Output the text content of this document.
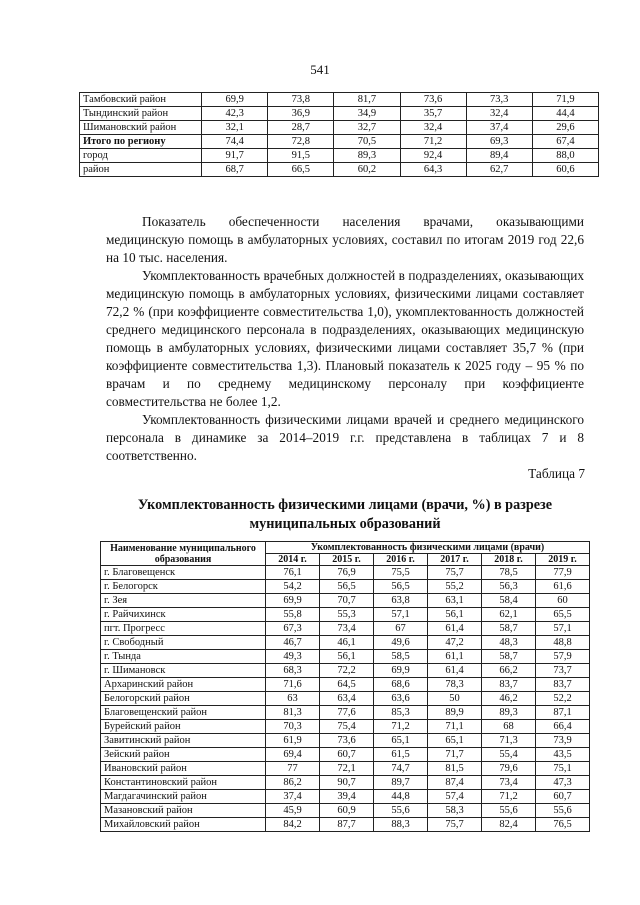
541
Тамбовский район	69,9	73,8	81,7	73,6	73,3	71,9
Тындинский район	42,3	36,9	34,9	35,7	32,4	44,4
Шимановский район	32,1	28,7	32,7	32,4	37,4	29,6
Итого по региону	74,4	72,8	70,5	71,2	69,3	67,4
город	91,7	91,5	89,3	92,4	89,4	88,0
район	68,7	66,5	60,2	64,3	62,7	60,6

Показатель обеспеченности населения врачами, оказывающими медицинскую помощь в амбулаторных условиях, составил по итогам 2019 год 22,6 на 10 тыс. населения.

Укомплектованность врачебных должностей в подразделениях, оказывающих медицинскую помощь в амбулаторных условиях, физическими лицами составляет 72,2 % (при коэффициенте совместительства 1,0), укомплектованность должностей среднего медицинского персонала в подразделениях, оказывающих медицинскую помощь в амбулаторных условиях, физическими лицами составляет 35,7 % (при коэффициенте совместительства 1,3). Плановый показатель к 2025 году – 95 % по врачам и по среднему медицинскому персоналу при коэффициенте совместительства не более 1,2.

Укомплектованность физическими лицами врачей и среднего медицинского персонала в динамике за 2014–2019 г.г. представлена в таблицах 7 и 8 соответственно.

Таблица 7
Укомплектованность физическими лицами (врачи, %) в разрезе муниципальных образований
Наименование муниципального образования	Укомплектованность физическими лицами (врачи)					
	2014 г.	2015 г.	2016 г.	2017 г.	2018 г.	2019 г.
г. Благовещенск	76,1	76,9	75,5	75,7	78,5	77,9
г. Белогорск	54,2	56,5	56,5	55,2	56,3	61,6
г. Зея	69,9	70,7	63,8	63,1	58,4	60
г. Райчихинск	55,8	55,3	57,1	56,1	62,1	65,5
пгт. Прогресс	67,3	73,4	67	61,4	58,7	57,1
г. Свободный	46,7	46,1	49,6	47,2	48,3	48,8
г. Тында	49,3	56,1	58,5	61,1	58,7	57,9
г. Шимановск	68,3	72,2	69,9	61,4	66,2	73,7
Архаринский район	71,6	64,5	68,6	78,3	83,7	83,7
Белогорский район	63	63,4	63,6	50	46,2	52,2
Благовещенский район	81,3	77,6	85,3	89,9	89,3	87,1
Бурейский район	70,3	75,4	71,2	71,1	68	66,4
Завитинский район	61,9	73,6	65,1	65,1	71,3	73,9
Зейский район	69,4	60,7	61,5	71,7	55,4	43,5
Ивановский район	77	72,1	74,7	81,5	79,6	75,1
Константиновский район	86,2	90,7	89,7	87,4	73,4	47,3
Магдагачинский район	37,4	39,4	44,8	57,4	71,2	60,7
Мазановский район	45,9	60,9	55,6	58,3	55,6	55,6
Михайловский район	84,2	87,7	88,3	75,7	82,4	76,5
